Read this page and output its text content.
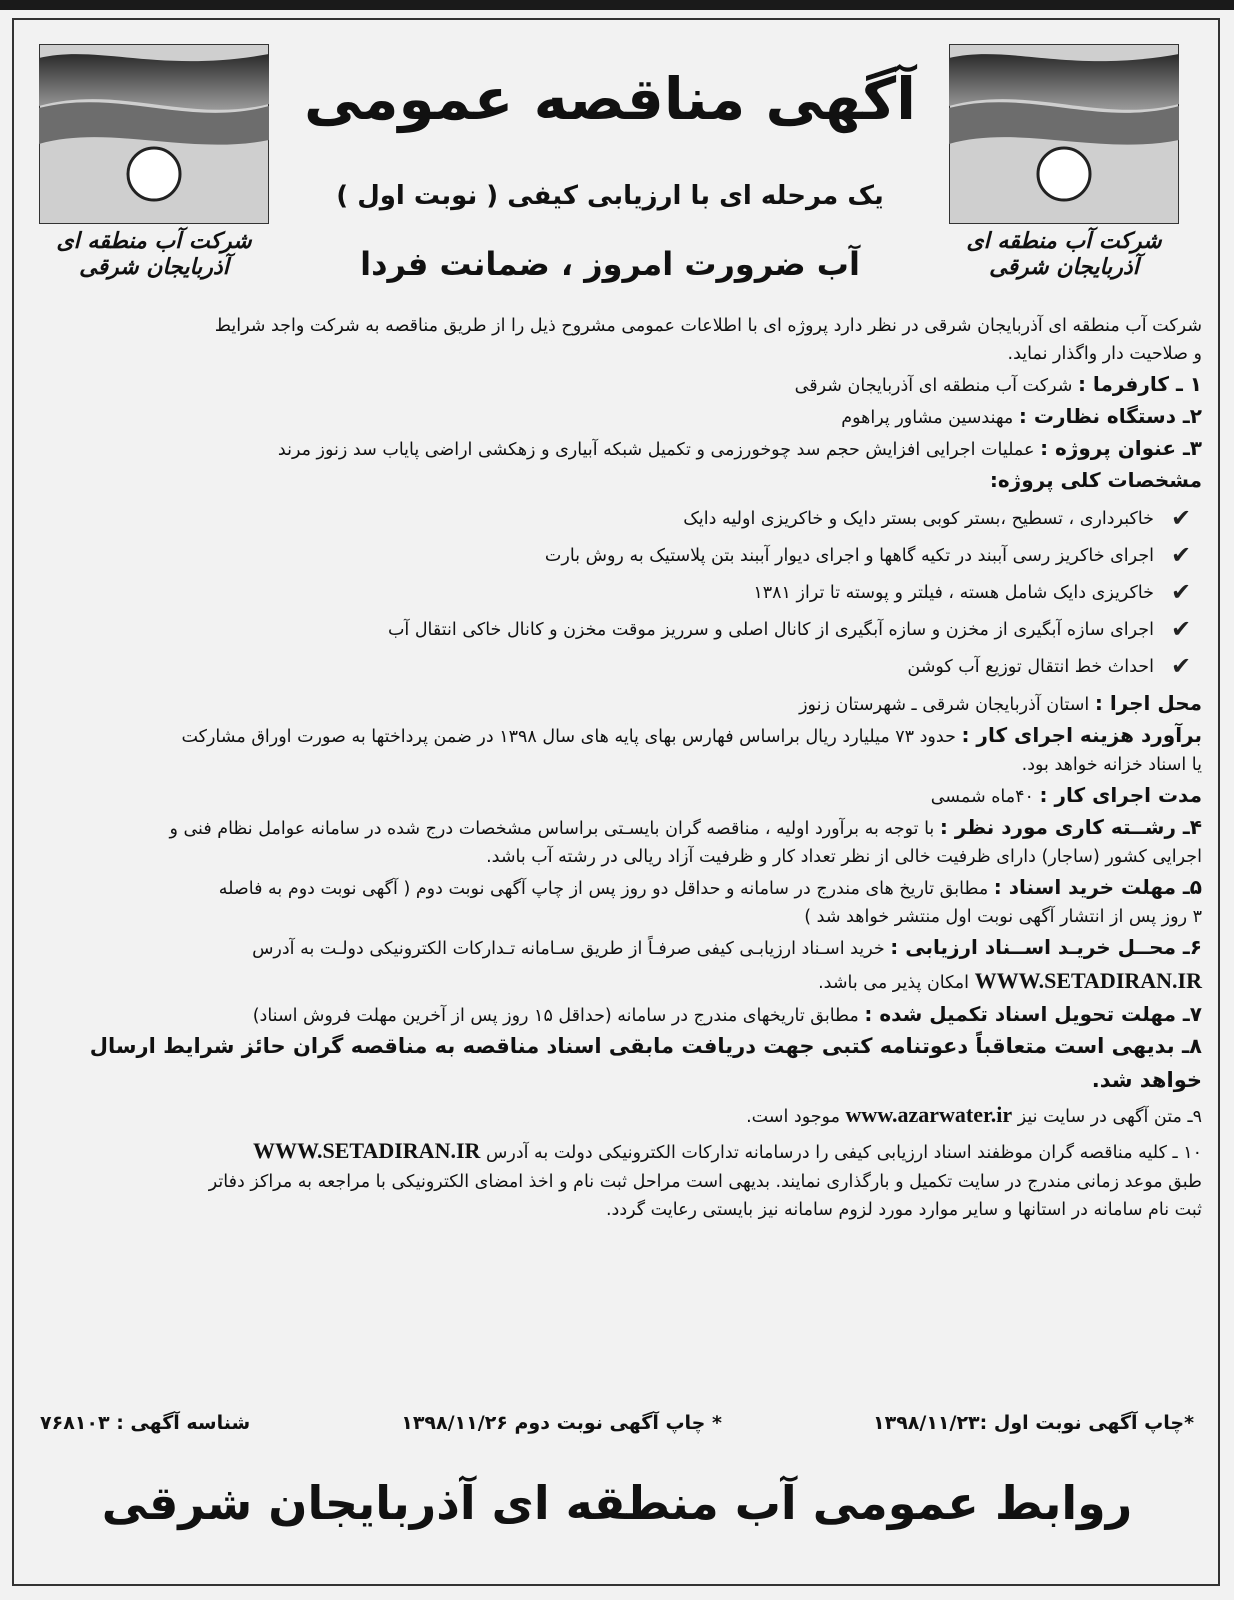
شرکت آب منطقه ای آذربایجان شرقی
شرکت آب منطقه ای آذربایجان شرقی
آگهی مناقصه عمومی
یک مرحله ای با ارزیابی کیفی ( نوبت اول )
آب ضرورت امروز ، ضمانت فردا

شرکت آب منطقه ای آذربایجان شرقی در نظر دارد پروژه ای با اطلاعات عمومی مشروح ذیل را از طریق مناقصه به شرکت واجد شرایط

و صلاحیت دار واگذار نماید.

۱ ـ کارفرما : شرکت آب منطقه ای آذربایجان شرقی

۲ـ دستگاه نظارت : مهندسین مشاور پراهوم

۳ـ عنوان پروژه : عملیات اجرایی افزایش حجم سد چوخورزمی و تکمیل شبکه آبیاری و زهکشی اراضی پایاب سد زنوز مرند

مشخصات کلی پروژه:

✔
خاکبرداری ، تسطیح ،بستر کوبی بستر دایک و خاکریزی اولیه دایک
✔
اجرای خاکریز رسی آببند در تکیه گاهها و اجرای دیوار آببند بتن پلاستیک به روش بارت
✔
خاکریزی دایک شامل هسته ، فیلتر و پوسته تا تراز ۱۳۸۱
✔
اجرای سازه آبگیری از مخزن و سازه آبگیری از کانال اصلی و سرریز موقت مخزن و کانال خاکی انتقال آب
✔
احداث خط انتقال توزیع آب کوشن

محل اجرا : استان آذربایجان شرقی ـ شهرستان زنوز

برآورد هزینه اجرای کار : حدود ۷۳ میلیارد ریال براساس فهارس بهای پایه های سال ۱۳۹۸ در ضمن پرداختها به صورت اوراق مشارکت

یا اسناد خزانه خواهد بود.

مدت اجرای کار : ۴۰ماه شمسی

۴ـ رشــته کاری مورد نظر : با توجه به برآورد اولیه ، مناقصه گران بایسـتی براساس مشخصات درج شده در سامانه عوامل نظام فنی و

اجرایی کشور (ساجار) دارای ظرفیت خالی از نظر تعداد کار و ظرفیت آزاد ریالی در رشته آب باشد.

۵ـ مهلت خرید اسناد : مطابق تاریخ های مندرج در سامانه و حداقل دو روز پس از چاپ آگهی نوبت دوم ( آگهی نوبت دوم به فاصله

۳ روز پس از انتشار آگهی نوبت اول منتشر خواهد شد )

۶ـ محــل خریـد اســناد ارزیابی : خرید اسـناد ارزیابـی کیفی صرفـاً از طریق سـامانه تـدارکات الکترونیکی دولـت به آدرس

WWW.SETADIRAN.IR امکان پذیر می باشد.

۷ـ مهلت تحویل اسناد تکمیل شده : مطابق تاریخهای مندرج در سامانه (حداقل ۱۵ روز پس از آخرین مهلت فروش اسناد)

۸ـ بدیهی است متعاقباً دعوتنامه کتبی جهت دریافت مابقی اسناد مناقصه به مناقصه گران حائز شرایط ارسال خواهد شد.

۹ـ متن آگهی در سایت نیز www.azarwater.ir موجود است.

۱۰ ـ کلیه مناقصه گران موظفند اسناد ارزیابی کیفی را درسامانه تدارکات الکترونیکی دولت به آدرس WWW.SETADIRAN.IR

طبق موعد زمانی مندرج در سایت تکمیل و بارگذاری نمایند. بدیهی است مراحل ثبت نام و اخذ امضای الکترونیکی با مراجعه به مراکز دفاتر

ثبت نام سامانه در استانها و سایر موارد مورد لزوم سامانه نیز بایستی رعایت گردد.

*چاپ آگهی نوبت اول :۱۳۹۸/۱۱/۲۳
* چاپ آگهی نوبت دوم ۱۳۹۸/۱۱/۲۶
شناسه آگهی : ۷۶۸۱۰۳
روابط عمومی آب منطقه ای آذربایجان شرقی
